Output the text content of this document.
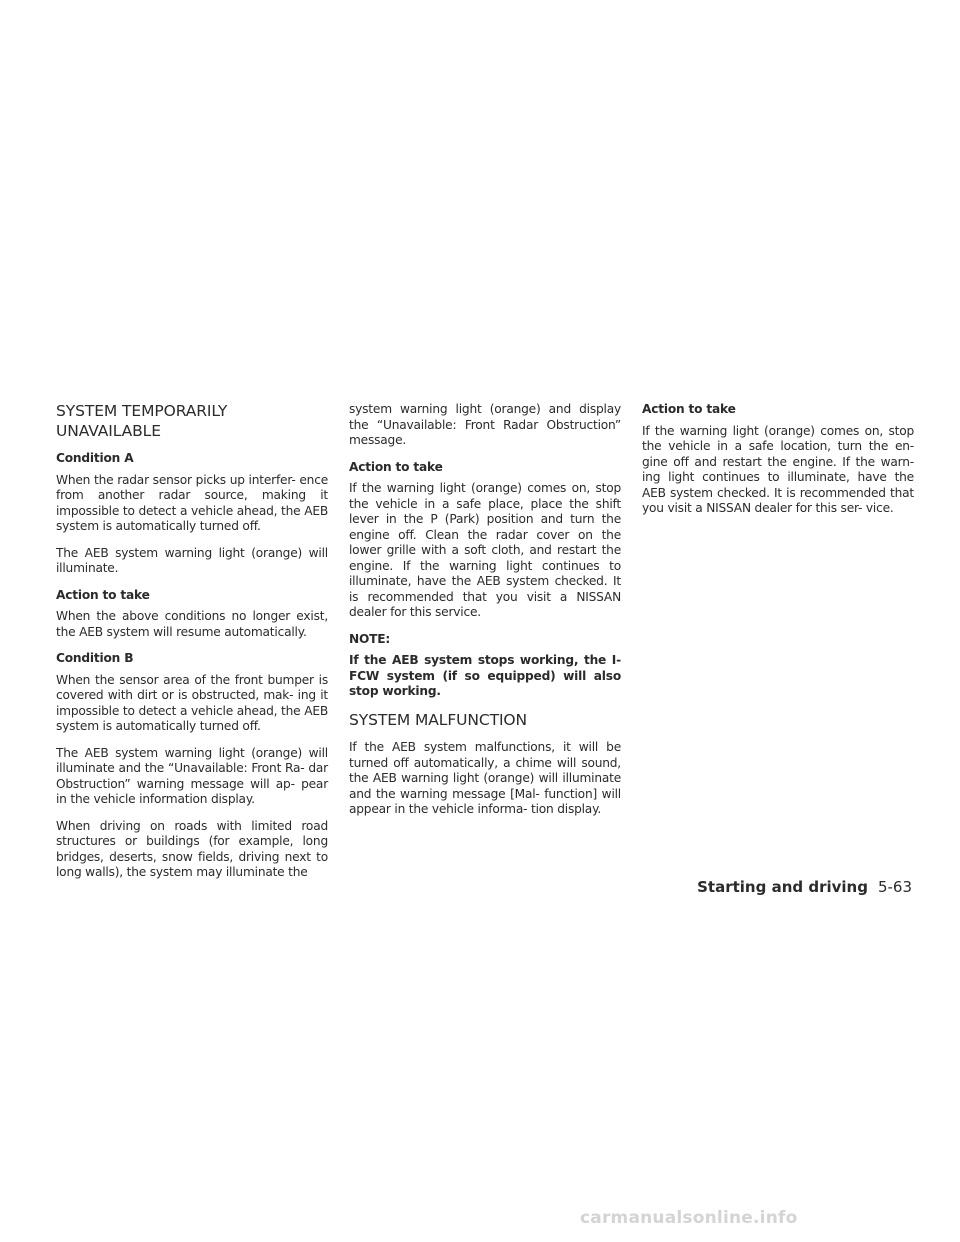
SYSTEM TEMPORARILY
UNAVAILABLE

Condition A

When the radar sensor picks up interfer- ence from another radar source, making it impossible to detect a vehicle ahead, the AEB system is automatically turned off.

The AEB system warning light (orange) will illuminate.

Action to take

When the above conditions no longer exist, the AEB system will resume automatically.

Condition B

When the sensor area of the front bumper is covered with dirt or is obstructed, mak- ing it impossible to detect a vehicle ahead, the AEB system is automatically turned off.

The AEB system warning light (orange) will illuminate and the “Unavailable: Front Ra- dar Obstruction” warning message will ap- pear in the vehicle information display.

When driving on roads with limited road structures or buildings (for example, long bridges, deserts, snow fields, driving next to long walls), the system may illuminate the

system warning light (orange) and display the “Unavailable: Front Radar Obstruction” message.

Action to take

If the warning light (orange) comes on, stop the vehicle in a safe place, place the shift lever in the P (Park) position and turn the engine off. Clean the radar cover on the lower grille with a soft cloth, and restart the engine. If the warning light continues to illuminate, have the AEB system checked. It is recommended that you visit a NISSAN dealer for this service.

NOTE:

If the AEB system stops working, the I-FCW system (if so equipped) will also stop working.

SYSTEM MALFUNCTION

If the AEB system malfunctions, it will be turned off automatically, a chime will sound, the AEB warning light (orange) will illuminate and the warning message [Mal- function] will appear in the vehicle informa- tion display.

Action to take

If the warning light (orange) comes on, stop the vehicle in a safe location, turn the en- gine off and restart the engine. If the warn- ing light continues to illuminate, have the AEB system checked. It is recommended that you visit a NISSAN dealer for this ser- vice.

Starting and driving 5-63
carmanualsonline.info
